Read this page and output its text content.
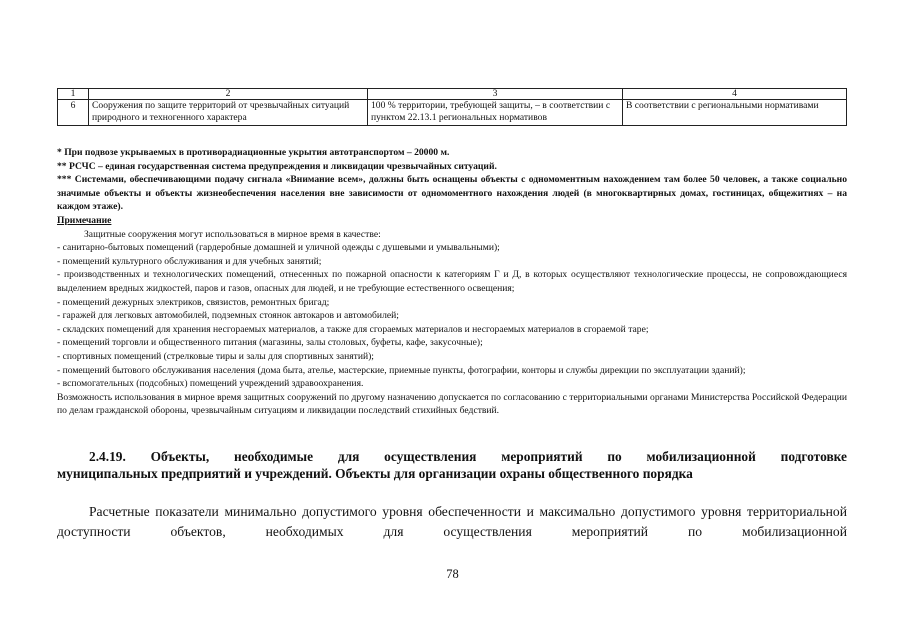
1	2	3	4
6	Сооружения по защите территорий от чрезвычайных ситуаций природного и техногенного характера	100 % территории, требующей защиты, – в соответствии с пунктом 22.13.1 региональных нормативов	В соответствии с региональными нормативами

* При подвозе укрываемых в противорадиационные укрытия автотранспортом – 20000 м.

** РСЧС – единая государственная система предупреждения и ликвидации чрезвычайных ситуаций.

*** Системами, обеспечивающими подачу сигнала «Внимание всем», должны быть оснащены объекты с одномоментным нахождением там более 50 человек, а также социально значимые объекты и объекты жизнеобеспечения населения вне зависимости от одномоментного нахождения людей (в многоквартирных домах, гостиницах, общежитиях – на каждом этаже).

Примечание

Защитные сооружения могут использоваться в мирное время в качестве:

- санитарно-бытовых помещений (гардеробные домашней и уличной одежды с душевыми и умывальными);

- помещений культурного обслуживания и для учебных занятий;

- производственных и технологических помещений, отнесенных по пожарной опасности к категориям Г и Д, в которых осуществляют технологические процессы, не сопровождающиеся выделением вредных жидкостей, паров и газов, опасных для людей, и не требующие естественного освещения;

- помещений дежурных электриков, связистов, ремонтных бригад;

- гаражей для легковых автомобилей, подземных стоянок автокаров и автомобилей;

- складских помещений для хранения несгораемых материалов, а также для сгораемых материалов и несгораемых материалов в сгораемой таре;

- помещений торговли и общественного питания (магазины, залы столовых, буфеты, кафе, закусочные);

- спортивных помещений (стрелковые тиры и залы для спортивных занятий);

- помещений бытового обслуживания населения (дома быта, ателье, мастерские, приемные пункты, фотографии, конторы и службы дирекции по эксплуатации зданий);

- вспомогательных (подсобных) помещений учреждений здравоохранения.

Возможность использования в мирное время защитных сооружений по другому назначению допускается по согласованию с территориальными органами Министерства Российской Федерации по делам гражданской обороны, чрезвычайным ситуациям и ликвидации последствий стихийных бедствий.

2.4.19. Объекты, необходимые для осуществления мероприятий по мобилизационной подготовке

муниципальных предприятий и учреждений. Объекты для организации охраны общественного порядка

Расчетные показатели минимально допустимого уровня обеспеченности и максимально допустимого уровня территориальной доступности объектов, необходимых для осуществления мероприятий по мобилизационной

78
